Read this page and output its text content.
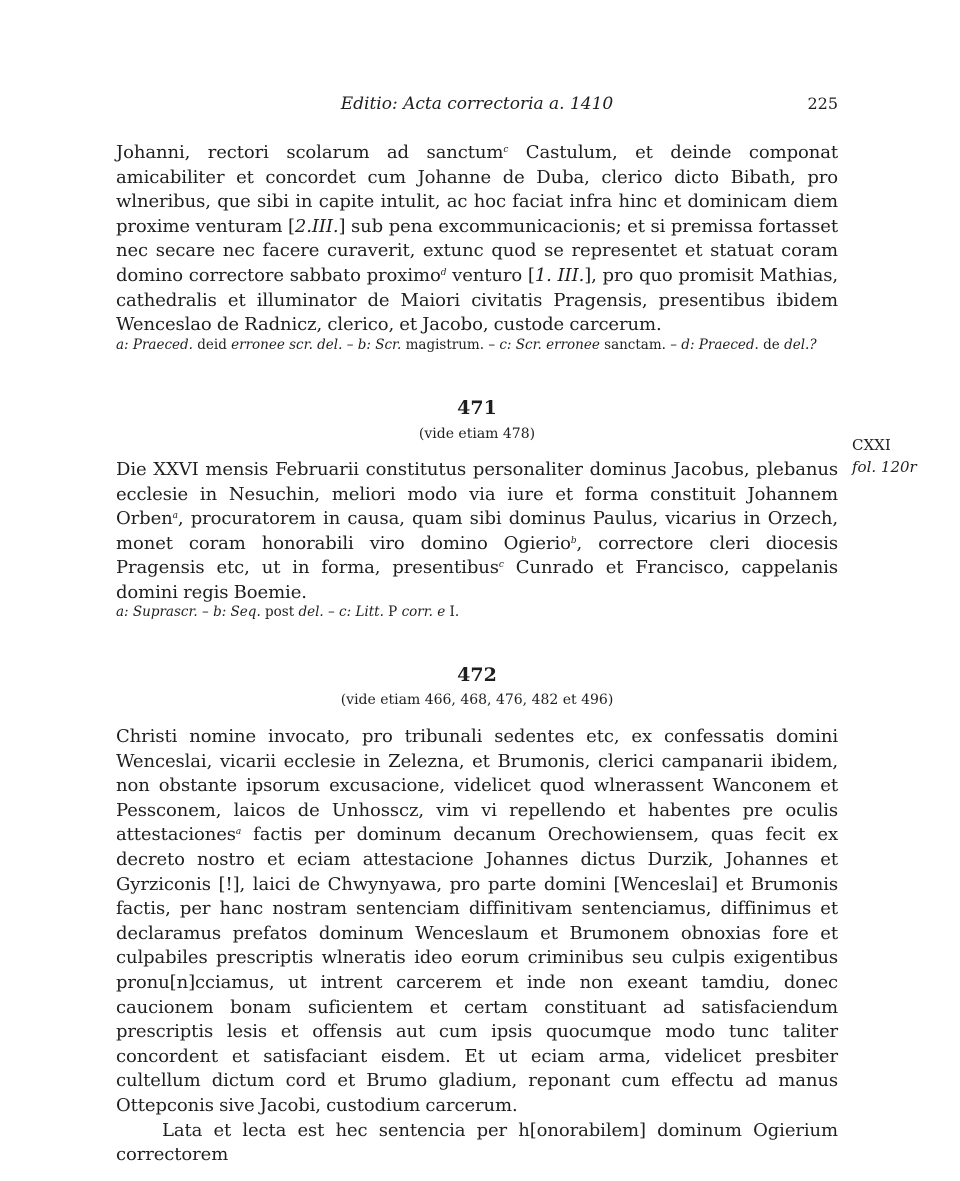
Editio: Acta correctoria a. 1410	225

Johanni, rectori scolarum ad sanctum$^c$ Castulum, et deinde componat amicabiliter et concordet cum Johanne de Duba, clerico dicto Bibath, pro wlneribus, que sibi in capite intulit, ac hoc faciat infra hinc et dominicam diem proxime venturam [2.III.] sub pena excommunicacionis; et si premissa fortasset nec secare nec facere curaverit, extunc quod se representet et statuat coram domino correctore sabbato proximo$^d$ venturo [1. III.], pro quo promisit Mathias, cathedralis et illuminator de Maiori civitatis Pragensis, presentibus ibidem Wenceslao de Radnicz, clerico, et Jacobo, custode carcerum.

a: Praeced. deid erronee scr. del. – b: Scr. magistrum. – c: Scr. erronee sanctam. – d: Praeced. de del.?
471
(vide etiam 478)
CXXI
fol. 120r

Die XXVI mensis Februarii constitutus personaliter dominus Jacobus, plebanus ecclesie in Nesuchin, meliori modo via iure et forma constituit Johannem Orben$^a$, procuratorem in causa, quam sibi dominus Paulus, vicarius in Orzech, monet coram honorabili viro domino Ogierio$^b$, correctore cleri diocesis Pragensis etc, ut in forma, presentibus$^c$ Cunrado et Francisco, cappelanis domini regis Boemie.

a: Suprascr. – b: Seq. post del. – c: Litt. P corr. e I.
472
(vide etiam 466, 468, 476, 482 et 496)

Christi nomine invocato, pro tribunali sedentes etc, ex confessatis domini Wenceslai, vicarii ecclesie in Zelezna, et Brumonis, clerici campanarii ibidem, non obstante ipsorum excusacione, videlicet quod wlnerassent Wanconem et Pessconem, laicos de Unhosscz, vim vi repellendo et habentes pre oculis attestaciones$^a$ factis per dominum decanum Orechowiensem, quas fecit ex decreto nostro et eciam attestacione Johannes dictus Durzik, Johannes et Gyrziconis [!], laici de Chwynyawa, pro parte domini [Wenceslai] et Brumonis factis, per hanc nostram sentenciam diffinitivam sentenciamus, diffinimus et declaramus prefatos dominum Wenceslaum et Brumonem obnoxias fore et culpabiles prescriptis wlneratis ideo eorum criminibus seu culpis exigentibus pronu[n]cciamus, ut intrent carcerem et inde non exeant tamdiu, donec caucionem bonam suficientem et certam constituant ad satisfaciendum prescriptis lesis et offensis aut cum ipsis quocumque modo tunc taliter concordent et satisfaciant eisdem. Et ut eciam arma, videlicet presbiter cultellum dictum cord et Brumo gladium, reponant cum effectu ad manus Ottepconis sive Jacobi, custodium carcerum.

Lata et lecta est hec sentencia per h[onorabilem] dominum Ogierium correctorem
